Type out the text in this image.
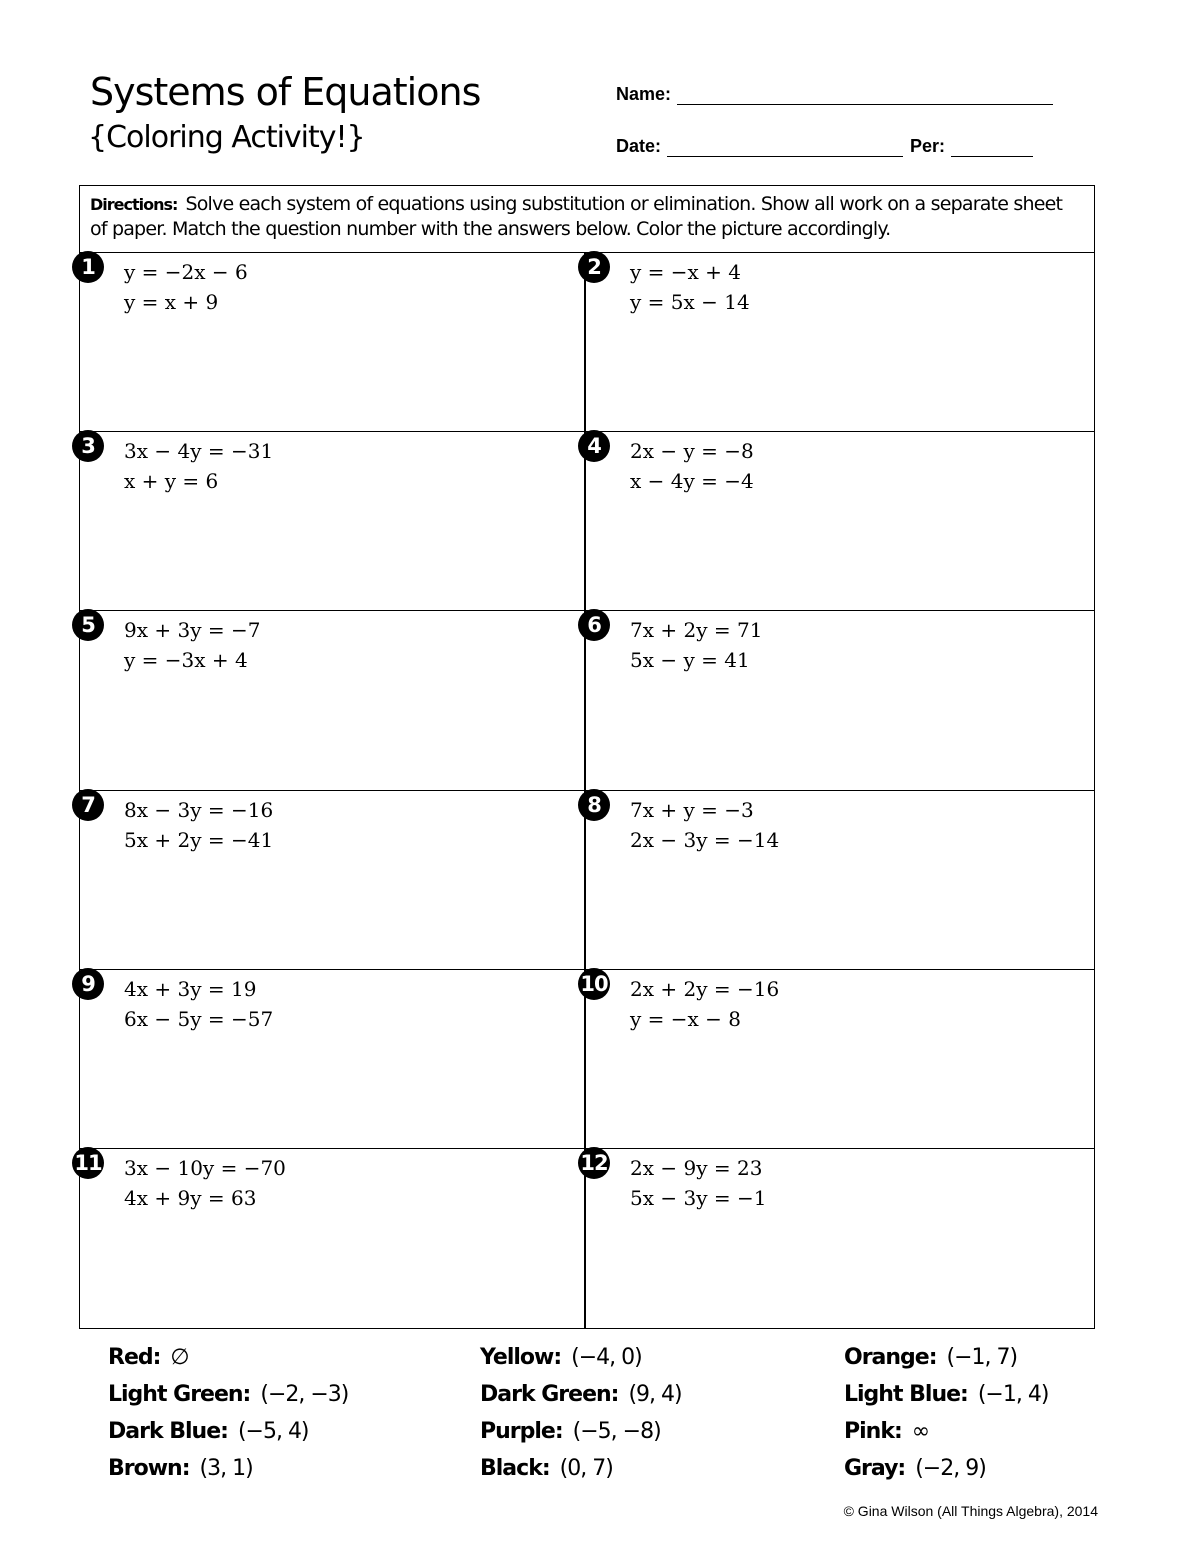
Systems of Equations
{Coloring Activity!}
Name:
Date:	Per:
Directions: Solve each system of equations using substitution or elimination. Show all work on a separate sheet of paper. Match the question number with the answers below. Color the picture accordingly.
1	y = −2x − 6
y = x + 9
2	y = −x + 4
y = 5x − 14
3	3x − 4y = −31
x + y = 6
4	2x − y = −8
x − 4y = −4
5	9x + 3y = −7
y = −3x + 4
6	7x + 2y = 71
5x − y = 41
7	8x − 3y = −16
5x + 2y = −41
8	7x + y = −3
2x − 3y = −14
9	4x + 3y = 19
6x − 5y = −57
10 2x + 2y = −16
y = −x − 8
11 3x − 10y = −70
4x + 9y = 63
12 2x − 9y = 23
5x − 3y = −1
Red: ∅
Light Green: (−2, −3)
Dark Blue: (−5, 4)
Brown: (3, 1)
Yellow: (−4, 0)
Dark Green: (9, 4)
Purple: (−5, −8)
Black: (0, 7)
Orange: (−1, 7)
Light Blue: (−1, 4)
Pink: ∞
Gray: (−2, 9)
© Gina Wilson (All Things Algebra), 2014
